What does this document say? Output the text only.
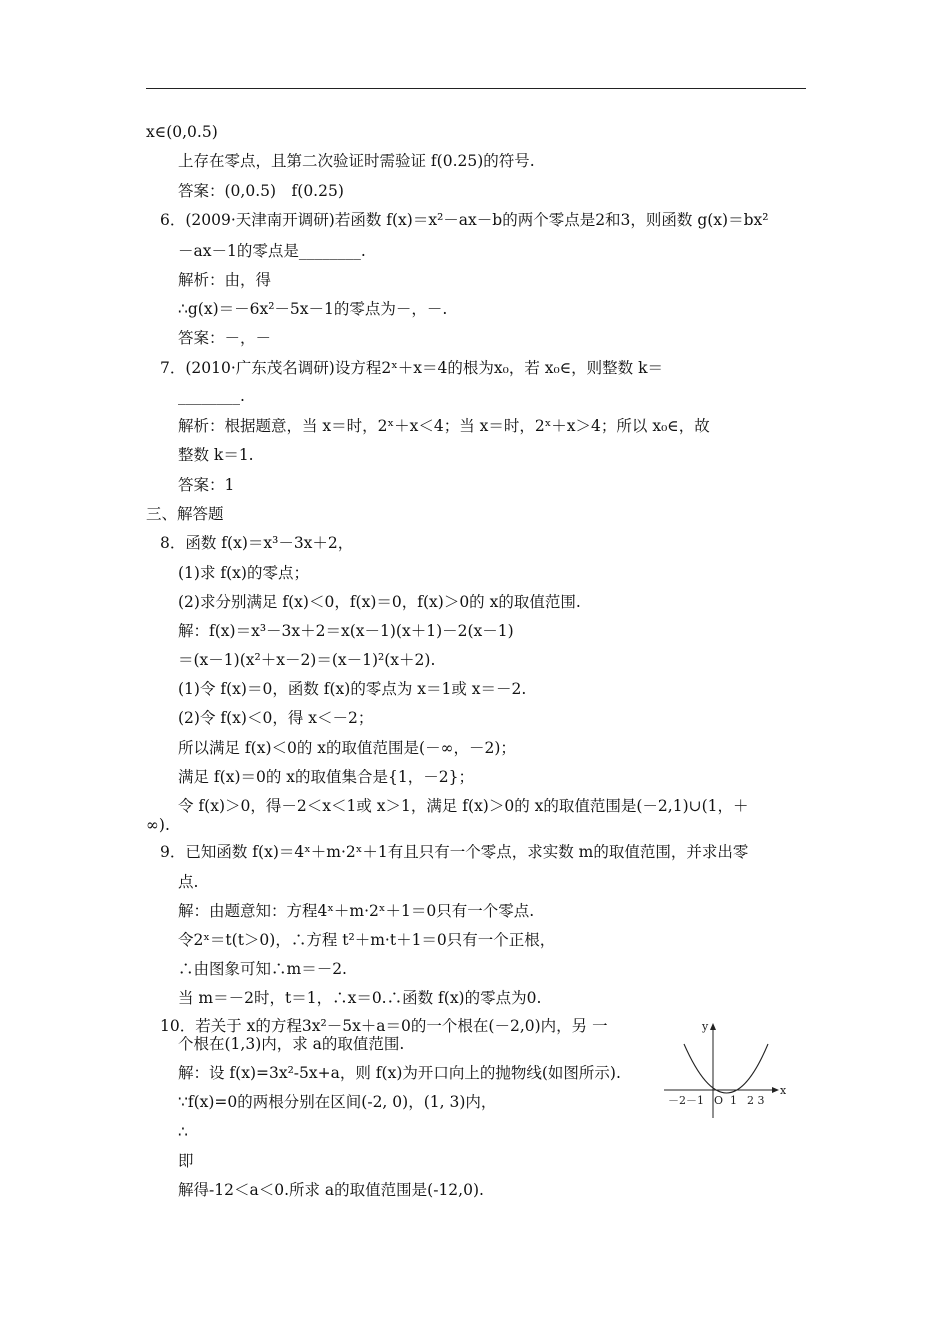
x∈(0,0.5)
上存在零点，且第二次验证时需验证 f(0.25)的符号.
答案：(0,0.5)　f(0.25)
6．(2009·天津南开调研)若函数 f(x)＝x²－ax－b的两个零点是2和3，则函数 g(x)＝bx²
－ax－1的零点是________.
解析：由，得
∴g(x)＝－6x²－5x－1的零点为－，－.
答案：－，－
7．(2010·广东茂名调研)设方程2ˣ＋x＝4的根为x₀，若 x₀∈，则整数 k＝
________.
解析：根据题意，当 x＝时，2ˣ＋x＜4；当 x＝时，2ˣ＋x＞4；所以 x₀∈，故
整数 k＝1.
答案：1
三、解答题
8．函数 f(x)＝x³－3x＋2，
(1)求 f(x)的零点；
(2)求分别满足 f(x)＜0，f(x)＝0，f(x)＞0的 x的取值范围.
解：f(x)＝x³－3x＋2＝x(x－1)(x＋1)－2(x－1)
＝(x－1)(x²＋x－2)＝(x－1)²(x＋2).
(1)令 f(x)＝0，函数 f(x)的零点为 x＝1或 x＝－2.
(2)令 f(x)＜0，得 x＜－2；
所以满足 f(x)＜0的 x的取值范围是(－∞，－2)；
满足 f(x)＝0的 x的取值集合是{1，－2}；
令 f(x)＞0，得－2＜x＜1或 x＞1，满足 f(x)＞0的 x的取值范围是(－2,1)∪(1，＋
∞).
9．已知函数 f(x)＝4ˣ＋m·2ˣ＋1有且只有一个零点，求实数 m的取值范围，并求出零
点.
解：由题意知：方程4ˣ＋m·2ˣ＋1＝0只有一个零点.
令2ˣ＝t(t＞0)，∴方程 t²＋m·t＋1＝0只有一个正根，
∴由图象可知∴m＝－2.
当 m＝－2时，t＝1，∴x＝0.∴函数 f(x)的零点为0.
10．若关于 x的方程3x²－5x＋a＝0的一个根在(－2,0)内，另 一
个根在(1,3)内，求 a的取值范围.
解：设 f(x)=3x²-5x+a，则 f(x)为开口向上的抛物线(如图所示).
∵f(x)=0的两根分别在区间(-2, 0)，(1, 3)内，
∴
即
解得-12＜a＜0.所求 a的取值范围是(-12,0).
x
y
O
－2－1 1 2 3
